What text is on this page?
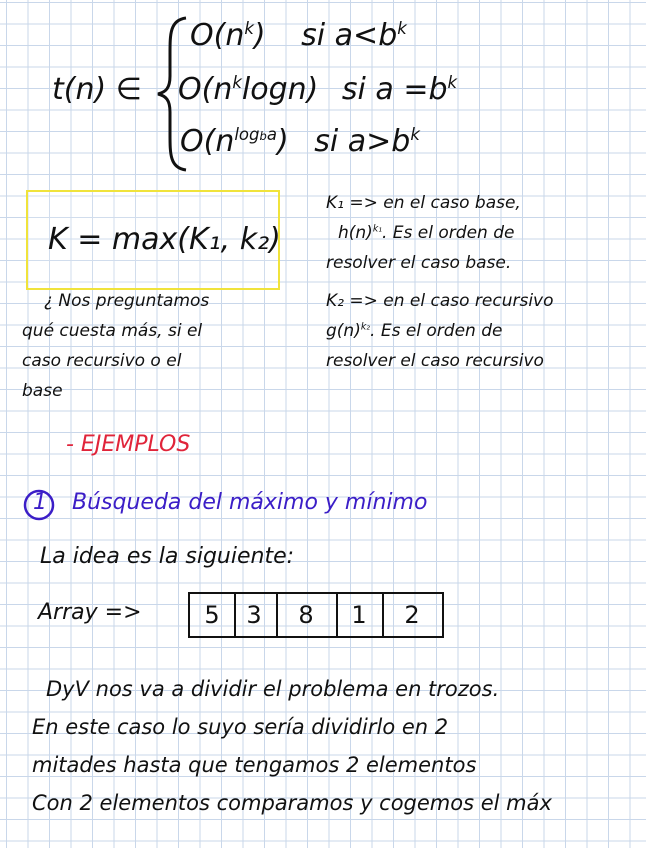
t(n) ∈
$O(n^k)$ si $a<b^k$
$O(n^k\log n)$ si $a =b^k$
$O(n^{logba})$ si $a>b^k$
K = max(K₁, k₂)
K₁ => en el caso base,
$h(n)^{k_1}$. Es el orden de
resolver el caso base.
K₂ => en el caso recursivo
$g(n)^{k_2}$. Es el orden de
resolver el caso recursivo
¿ Nos preguntamos
qué cuesta más, si el
caso recursivo o el
base
- EJEMPLOS
1 Búsqueda del máximo y mínimo
La idea es la siguiente:
Array =>	5	3	8	1	2
DyV nos va a dividir el problema en trozos.
En este caso lo suyo sería dividirlo en 2
mitades hasta que tengamos 2 elementos
Con 2 elementos comparamos y cogemos el máx
